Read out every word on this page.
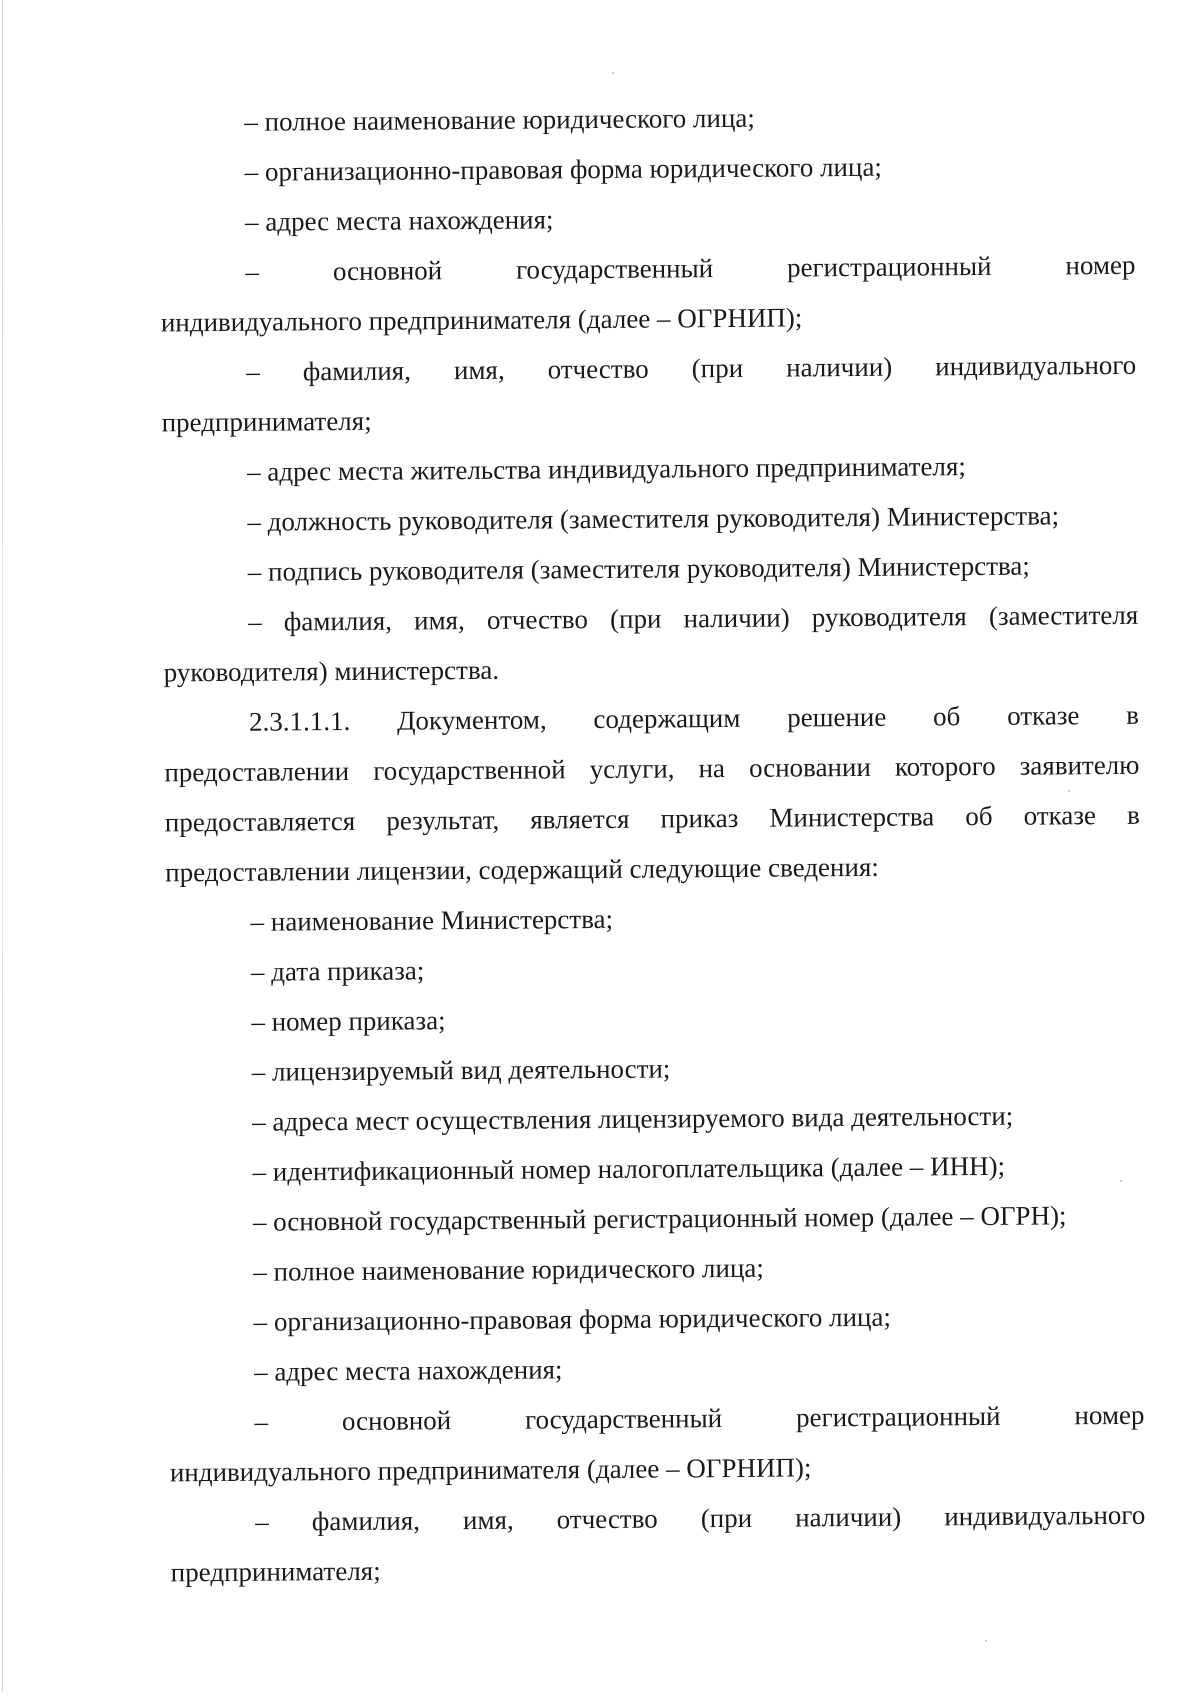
– полное наименование юридического лица;
– организационно-правовая форма юридического лица;
– адрес места нахождения;
– основной государственный регистрационный номер
индивидуального предпринимателя (далее – ОГРНИП);
– фамилия, имя, отчество (при наличии) индивидуального
предпринимателя;
– адрес места жительства индивидуального предпринимателя;
– должность руководителя (заместителя руководителя) Министерства;
– подпись руководителя (заместителя руководителя) Министерства;
– фамилия, имя, отчество (при наличии) руководителя (заместителя
руководителя) министерства.
2.3.1.1.1. Документом, содержащим решение об отказе в
предоставлении государственной услуги, на основании которого заявителю
предоставляется результат, является приказ Министерства об отказе в
предоставлении лицензии, содержащий следующие сведения:
– наименование Министерства;
– дата приказа;
– номер приказа;
– лицензируемый вид деятельности;
– адреса мест осуществления лицензируемого вида деятельности;
– идентификационный номер налогоплательщика (далее – ИНН);
– основной государственный регистрационный номер (далее – ОГРН);
– полное наименование юридического лица;
– организационно-правовая форма юридического лица;
– адрес места нахождения;
– основной государственный регистрационный номер
индивидуального предпринимателя (далее – ОГРНИП);
– фамилия, имя, отчество (при наличии) индивидуального
предпринимателя;
